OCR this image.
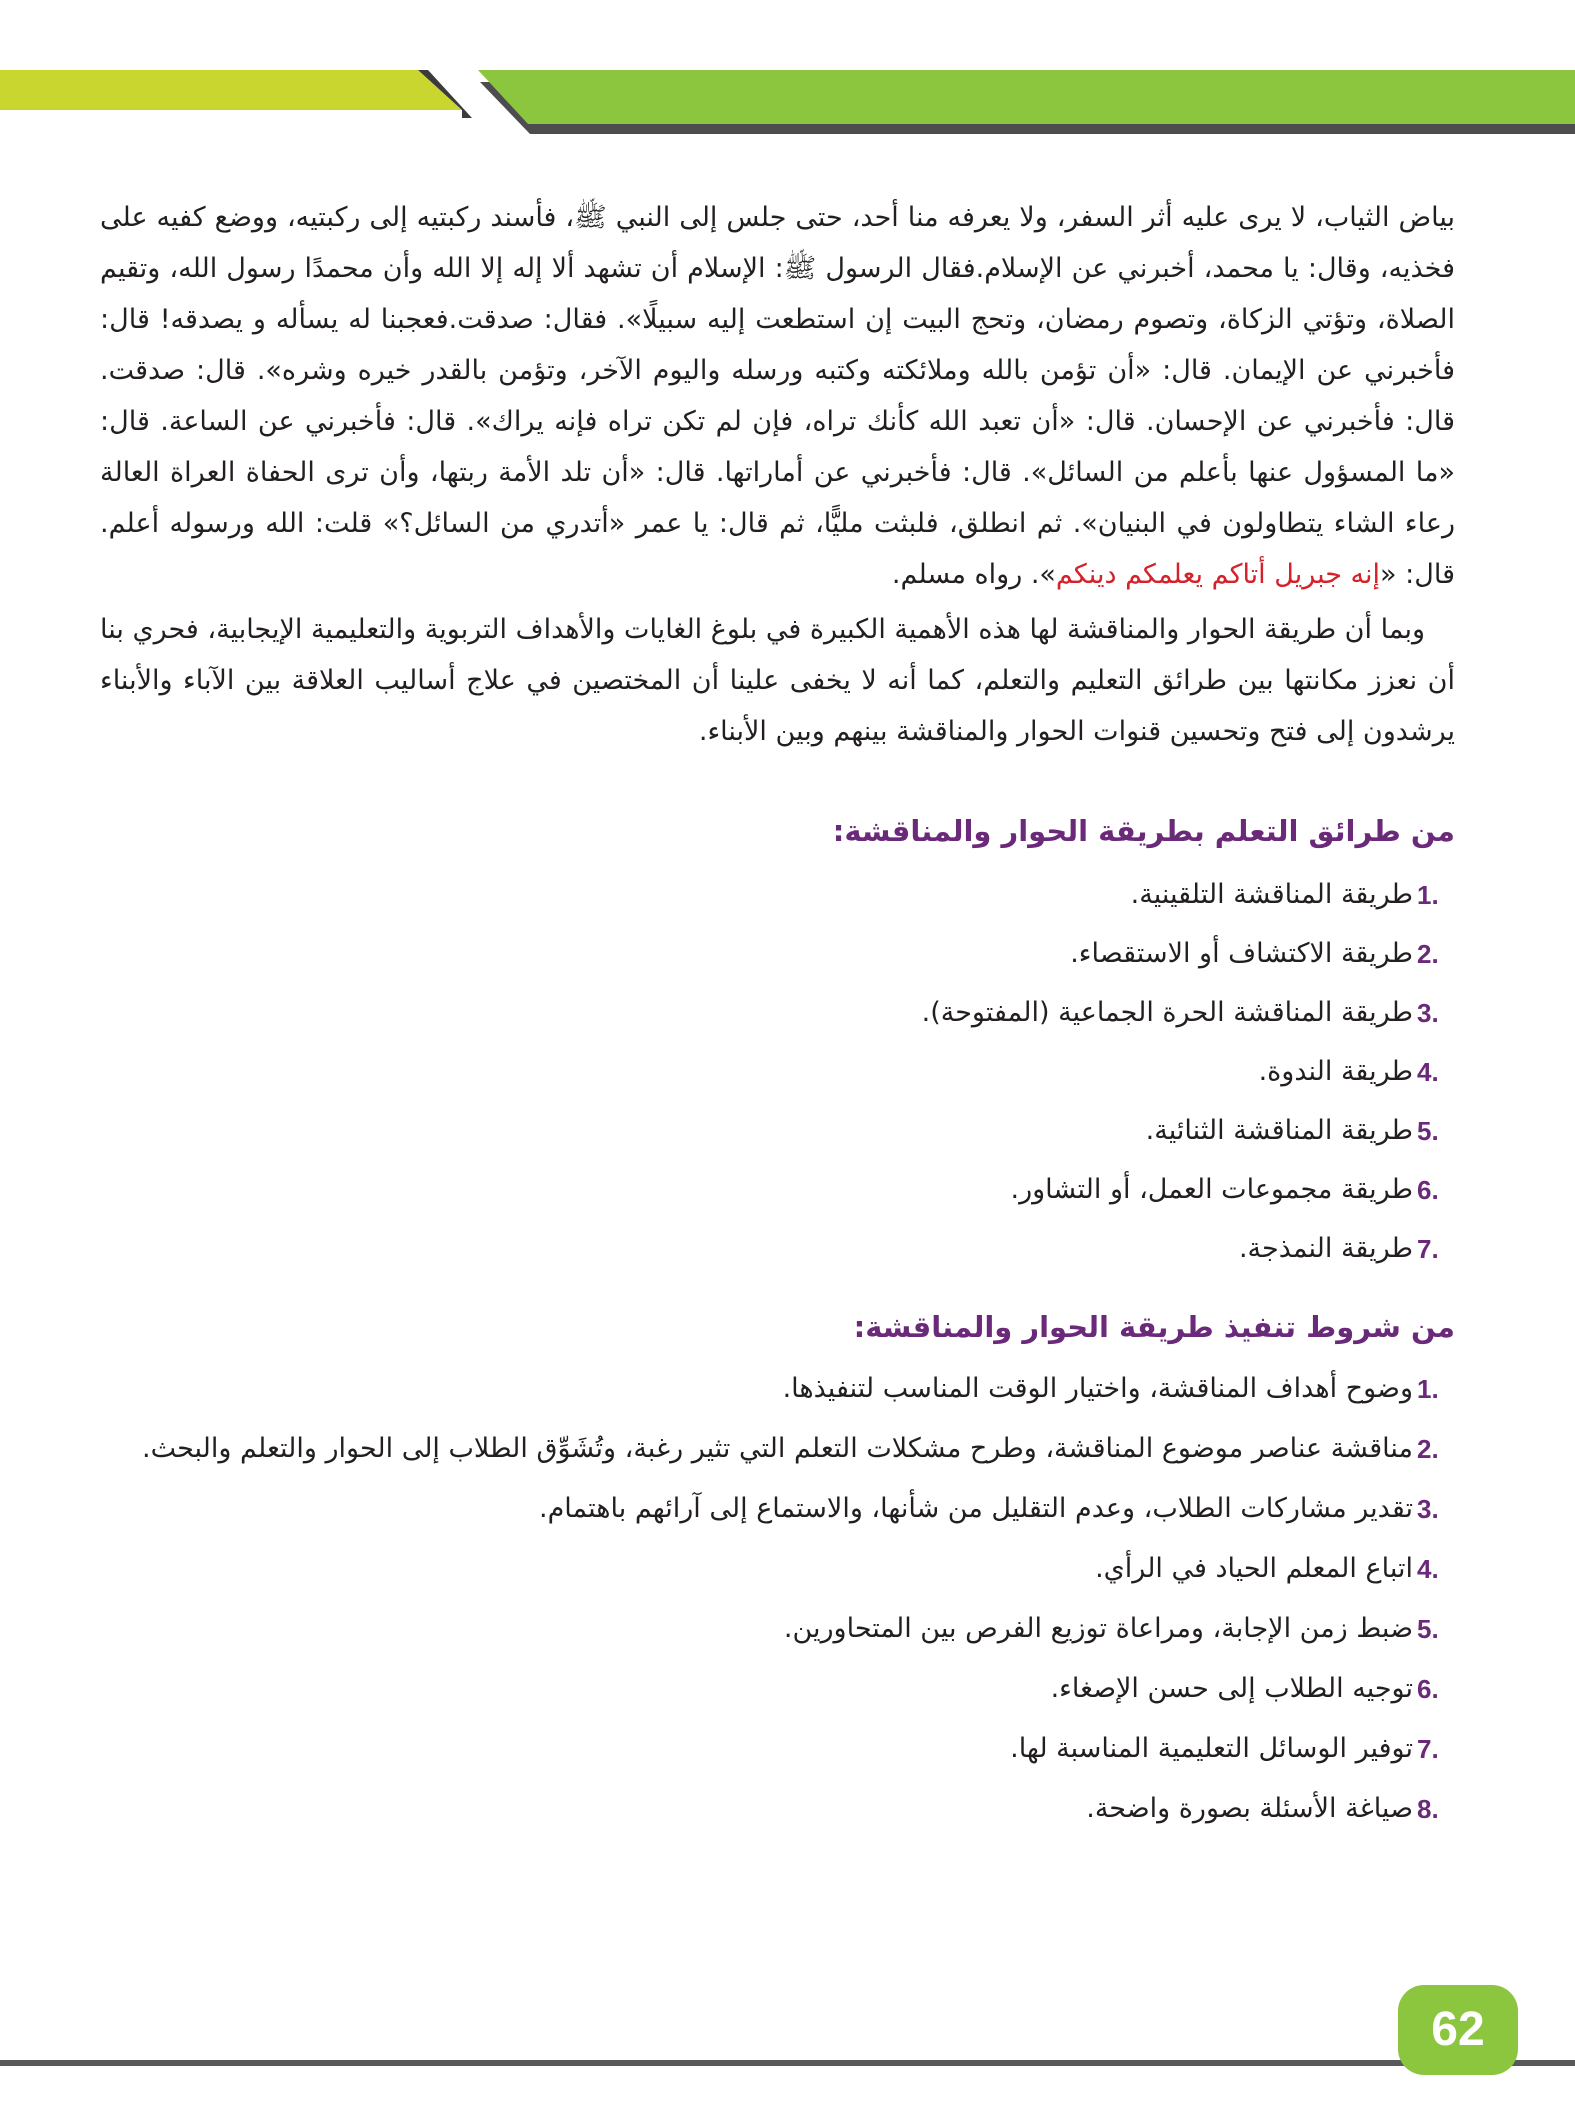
بياض الثياب، لا يرى عليه أثر السفر، ولا يعرفه منا أحد، حتى جلس إلى النبي ﷺ، فأسند ركبتيه إلى ركبتيه، ووضع كفيه على فخذيه، وقال: يا محمد، أخبرني عن الإسلام.فقال الرسول ﷺ: الإسلام أن تشهد ألا إله إلا الله وأن محمدًا رسول الله، وتقيم الصلاة، وتؤتي الزكاة، وتصوم رمضان، وتحج البيت إن استطعت إليه سبيلًا». فقال: صدقت.فعجبنا له يسأله و يصدقه! قال: فأخبرني عن الإيمان. قال: «أن تؤمن بالله وملائكته وكتبه ورسله واليوم الآخر، وتؤمن بالقدر خيره وشره». قال: صدقت. قال: فأخبرني عن الإحسان. قال: «أن تعبد الله كأنك تراه، فإن لم تكن تراه فإنه يراك». قال: فأخبرني عن الساعة. قال: «ما المسؤول عنها بأعلم من السائل». قال: فأخبرني عن أماراتها. قال: «أن تلد الأمة ربتها، وأن ترى الحفاة العراة العالة رعاء الشاء يتطاولون في البنيان». ثم انطلق، فلبثت مليًّا، ثم قال: يا عمر «أتدري من السائل؟» قلت: الله ورسوله أعلم. قال: «إنه جبريل أتاكم يعلمكم دينكم». رواه مسلم.

وبما أن طريقة الحوار والمناقشة لها هذه الأهمية الكبيرة في بلوغ الغايات والأهداف التربوية والتعليمية الإيجابية، فحري بنا أن نعزز مكانتها بين طرائق التعليم والتعلم، كما أنه لا يخفى علينا أن المختصين في علاج أساليب العلاقة بين الآباء والأبناء يرشدون إلى فتح وتحسين قنوات الحوار والمناقشة بينهم وبين الأبناء.

من طرائق التعلم بطريقة الحوار والمناقشة:
1.
طريقة المناقشة التلقينية.
2.
طريقة الاكتشاف أو الاستقصاء.
3.
طريقة المناقشة الحرة الجماعية (المفتوحة).
4.
طريقة الندوة.
5.
طريقة المناقشة الثنائية.
6.
طريقة مجموعات العمل، أو التشاور.
7.
طريقة النمذجة.
من شروط تنفيذ طريقة الحوار والمناقشة:
1.
وضوح أهداف المناقشة، واختيار الوقت المناسب لتنفيذها.
2.
مناقشة عناصر موضوع المناقشة، وطرح مشكلات التعلم التي تثير رغبة، وتُشَوِّق الطلاب إلى الحوار والتعلم والبحث.
3.
تقدير مشاركات الطلاب، وعدم التقليل من شأنها، والاستماع إلى آرائهم باهتمام.
4.
اتباع المعلم الحياد في الرأي.
5.
ضبط زمن الإجابة، ومراعاة توزيع الفرص بين المتحاورين.
6.
توجيه الطلاب إلى حسن الإصغاء.
7.
توفير الوسائل التعليمية المناسبة لها.
8.
صياغة الأسئلة بصورة واضحة.
62
